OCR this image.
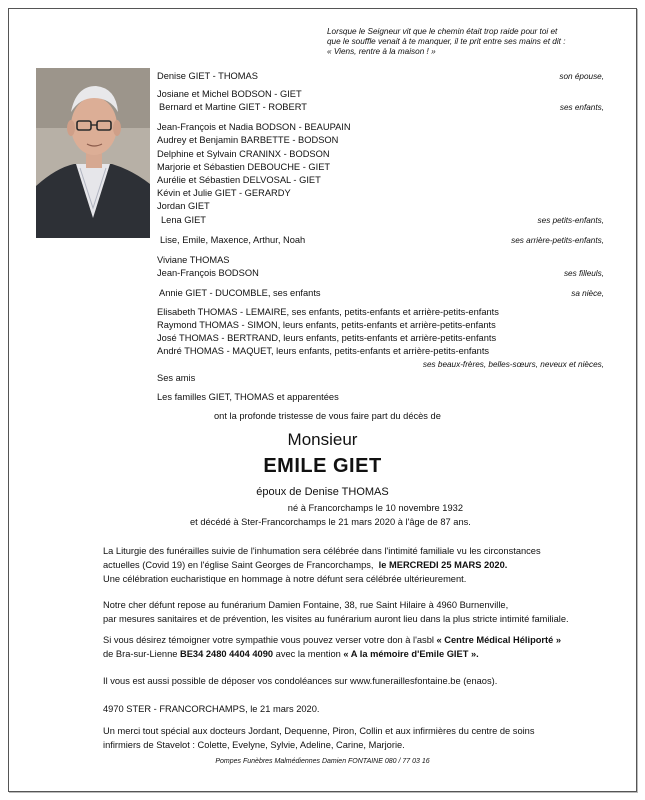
Lorsque le Seigneur vit que le chemin était trop raide pour toi et
que le souffle venait à te manquer, il te prit entre ses mains et dit :
« Viens, rentre à la maison ! »
Denise GIET - THOMAS
Josiane et Michel BODSON - GIET
Bernard et Martine GIET - ROBERT
Jean-François et Nadia BODSON - BEAUPAIN
Audrey et Benjamin BARBETTE - BODSON
Delphine et Sylvain CRANINX - BODSON
Marjorie et Sébastien DEBOUCHE - GIET
Aurélie et Sébastien DELVOSAL - GIET
Kévin et Julie GIET - GERARDY
Jordan GIET
Lena GIET
Lise, Emile, Maxence, Arthur, Noah
Viviane THOMAS
Jean-François BODSON
Annie GIET - DUCOMBLE, ses enfants
Elisabeth THOMAS - LEMAIRE, ses enfants, petits-enfants et arrière-petits-enfants
Raymond THOMAS - SIMON, leurs enfants, petits-enfants et arrière-petits-enfants
José THOMAS - BERTRAND, leurs enfants, petits-enfants et arrière-petits-enfants
André THOMAS - MAQUET, leurs enfants, petits-enfants et arrière-petits-enfants
Ses amis
Les familles GIET, THOMAS et apparentées
son épouse,
ses enfants,
ses petits-enfants,
ses arrière-petits-enfants,
ses filleuls,
sa nièce,
ses beaux-frères, belles-sœurs, neveux et nièces,
ont la profonde tristesse de vous faire part du décès de
Monsieur
EMILE GIET
époux de Denise THOMAS
né à Francorchamps le 10 novembre 1932
et décédé à Ster-Francorchamps le 21 mars 2020 à l'âge de 87 ans.
La Liturgie des funérailles suivie de l'inhumation sera célébrée dans l'intimité familiale vu les circonstances
actuelles (Covid 19) en l'église Saint Georges de Francorchamps, le MERCREDI 25 MARS 2020.
Une célébration eucharistique en hommage à notre défunt sera célébrée ultérieurement.
Notre cher défunt repose au funérarium Damien Fontaine, 38, rue Saint Hilaire à 4960 Burnenville,
par mesures sanitaires et de prévention, les visites au funérarium auront lieu dans la plus stricte intimité familiale.
Si vous désirez témoigner votre sympathie vous pouvez verser votre don à l'asbl « Centre Médical Héliporté »
de Bra-sur-Lienne BE34 2480 4404 4090 avec la mention « A la mémoire d'Emile GIET ».
Il vous est aussi possible de déposer vos condoléances sur www.funeraillesfontaine.be (enaos).
4970 STER - FRANCORCHAMPS, le 21 mars 2020.
Un merci tout spécial aux docteurs Jordant, Dequenne, Piron, Collin et aux infirmières du centre de soins
infirmiers de Stavelot : Colette, Evelyne, Sylvie, Adeline, Carine, Marjorie.
Pompes Funèbres Malmédiennes Damien FONTAINE 080 / 77 03 16
